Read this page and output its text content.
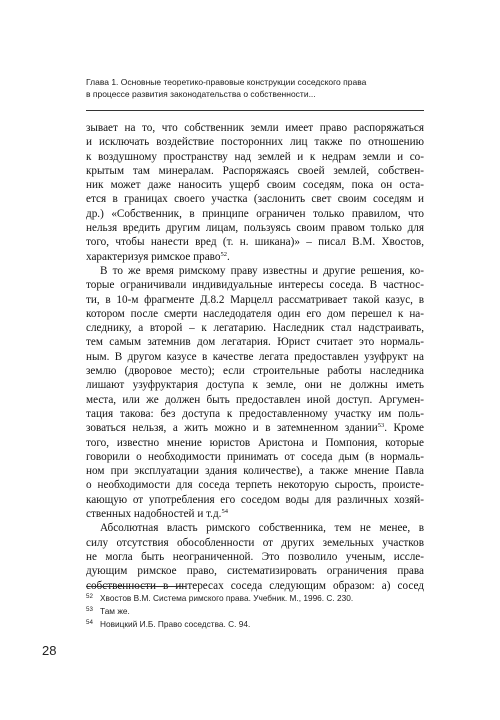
Глава 1. Основные теоретико-правовые конструкции соседского права
в процессе развития законодательства о собственности...
зывает на то, что собственник земли имеет право распоряжаться
и исключать воздействие посторонних лиц также по отношению
к воздушному пространству над землей и к недрам земли и со-
крытым там минералам. Распоряжаясь своей землей, собствен-
ник может даже наносить ущерб своим соседям, пока он оста-
ется в границах своего участка (заслонить свет своим соседям и
др.) «Собственник, в принципе ограничен только правилом, что
нельзя вредить другим лицам, пользуясь своим правом только для
того, чтобы нанести вред (т. н. шикана)» – писал В.М. Хвостов,
характеризуя римское право$^{52}$.
В то же время римскому праву известны и другие решения, ко-
торые ограничивали индивидуальные интересы соседа. В частнос-
ти, в 10-м фрагменте Д.8.2 Марцелл рассматривает такой казус, в
котором после смерти наследодателя один его дом перешел к на-
следнику, а второй – к легатарию. Наследник стал надстраивать,
тем самым затемнив дом легатария. Юрист считает это нормаль-
ным. В другом казусе в качестве легата предоставлен узуфрукт на
землю (дворовое место); если строительные работы наследника
лишают узуфруктария доступа к земле, они не должны иметь
места, или же должен быть предоставлен иной доступ. Аргумен-
тация такова: без доступа к предоставленному участку им поль-
зоваться нельзя, а жить можно и в затемненном здании$^{53}$. Кроме
того, известно мнение юристов Аристона и Помпония, которые
говорили о необходимости принимать от соседа дым (в нормаль-
ном при эксплуатации здания количестве), а также мнение Павла
о необходимости для соседа терпеть некоторую сырость, проистe-
кающую от употребления его соседом воды для различных хозяй-
ственных надобностей и т.д.$^{54}$
Абсолютная власть римского собственника, тем не менее, в
силу отсутствия обособленности от других земельных участков
не могла быть неограниченной. Это позволило ученым, иссле-
дующим римское право, систематизировать ограничения права
собственности в интересах соседа следующим образом: а) сосед
52 Хвостов В.М. Система римского права. Учебник. М., 1996. С. 230.
53 Там же.
54 Новицкий И.Б. Право соседства. С. 94.
28
